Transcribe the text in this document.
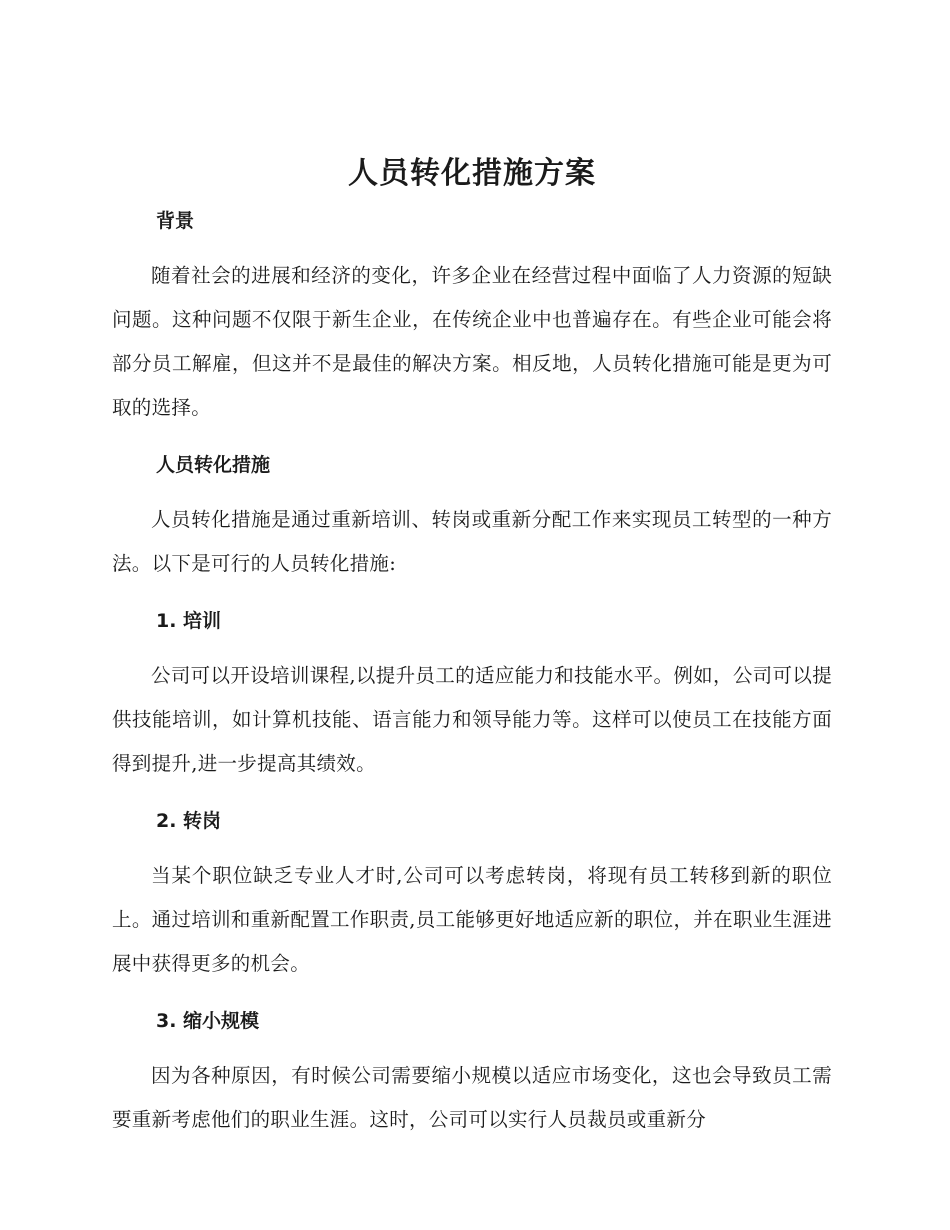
人员转化措施方案
背景

随着社会的进展和经济的变化，许多企业在经营过程中面临了人力资源的短缺问题。这种问题不仅限于新生企业，在传统企业中也普遍存在。有些企业可能会将部分员工解雇，但这并不是最佳的解决方案。相反地，人员转化措施可能是更为可取的选择。

人员转化措施

人员转化措施是通过重新培训、转岗或重新分配工作来实现员工转型的一种方法。以下是可行的人员转化措施:

1. 培训

公司可以开设培训课程,以提升员工的适应能力和技能水平。例如，公司可以提供技能培训，如计算机技能、语言能力和领导能力等。这样可以使员工在技能方面得到提升,进一步提高其绩效。

2. 转岗

当某个职位缺乏专业人才时,公司可以考虑转岗，将现有员工转移到新的职位上。通过培训和重新配置工作职责,员工能够更好地适应新的职位，并在职业生涯进展中获得更多的机会。

3. 缩小规模

因为各种原因，有时候公司需要缩小规模以适应市场变化，这也会导致员工需要重新考虑他们的职业生涯。这时，公司可以实行人员裁员或重新分
